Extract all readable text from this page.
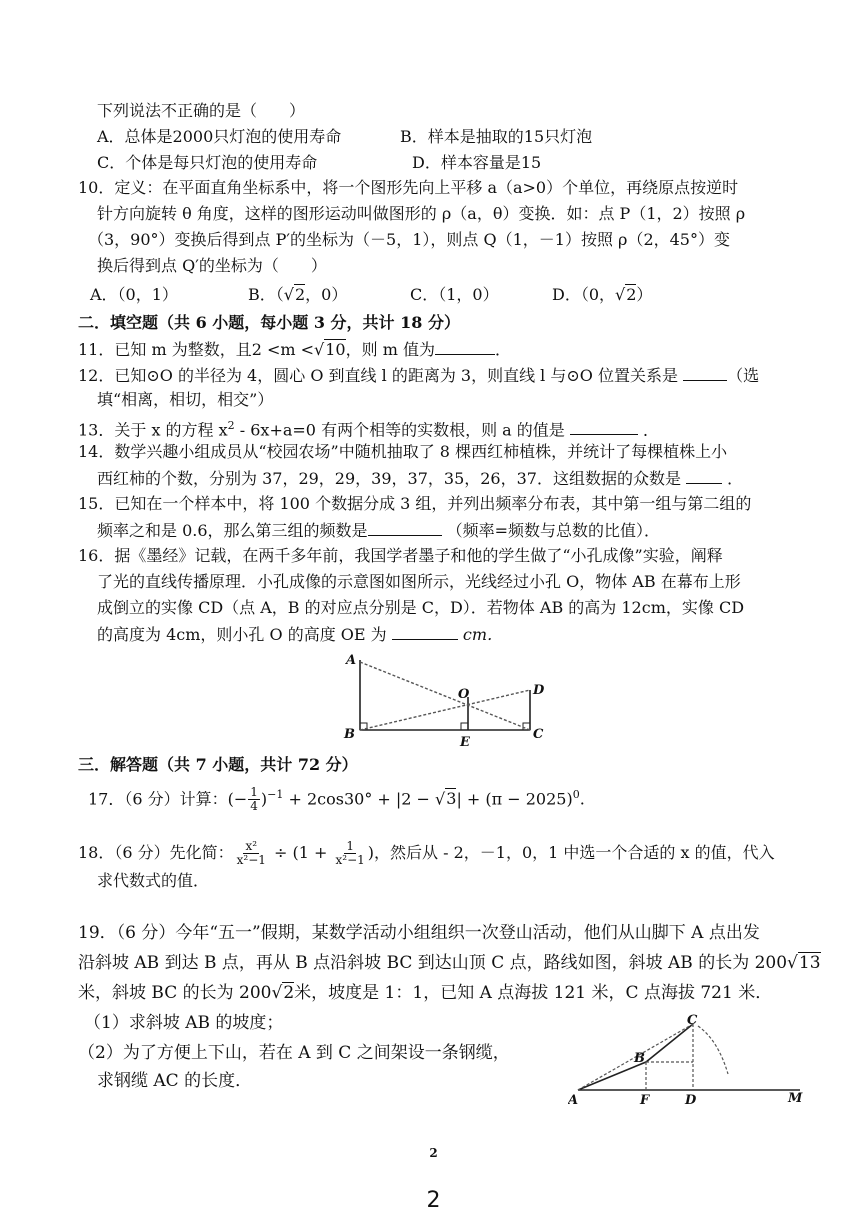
下列说法不正确的是（　　）
A．总体是2000只灯泡的使用寿命	B．样本是抽取的15只灯泡
C．个体是每只灯泡的使用寿命	D．样本容量是15
10．定义：在平面直角坐标系中，将一个图形先向上平移 a（a>0）个单位，再绕原点按逆时
针方向旋转 θ 角度，这样的图形运动叫做图形的 ρ（a，θ）变换．如：点 P（1，2）按照 ρ
（3，90°）变换后得到点 P′的坐标为（－5，1），则点 Q（1，－1）按照 ρ（2，45°）变
换后得到点 Q′的坐标为（　　）
A．（0，1）	B．（√2，0）	C．（1，0）	D．（0，√2）
二．填空题（共 6 小题，每小题 3 分，共计 18 分）
11．已知 m 为整数，且2 <m <√10，则 m 值为	．
12．已知⊙O 的半径为 4，圆心 O 到直线 l 的距离为 3，则直线 l 与⊙O 位置关系是	（选
填“相离，相切，相交”）
13．关于 x 的方程 $x^2 - 6x+a=0$ 有两个相等的实数根，则 a 的值是	．
14．数学兴趣小组成员从“校园农场”中随机抽取了 8 棵西红柿植株，并统计了每棵植株上小
西红柿的个数，分别为 37，29，29，39，37，35，26，37．这组数据的众数是	．
15．已知在一个样本中，将 100 个数据分成 3 组，并列出频率分布表，其中第一组与第二组的
频率之和是 0.6，那么第三组的频数是	（频率=频数与总数的比值）．
16．据《墨经》记载，在两千多年前，我国学者墨子和他的学生做了“小孔成像”实验，阐释
了光的直线传播原理．小孔成像的示意图如图所示，光线经过小孔 O，物体 AB 在幕布上形
成倒立的实像 CD（点 A，B 的对应点分别是 C，D）．若物体 AB 的高为 12cm，实像 CD
的高度为 4cm，则小孔 O 的高度 OE 为	cm．
A
B
O	D
C
E
三．解答题（共 7 小题，共计 72 分）
17．（6 分）计算：(− $\frac{1}{4} )^{-1} + 2\cos 30^\circ + |2 - √3| + (\pi - 2025)^0$.
18．（6 分）先化简： $\frac{\text{x²}}{\text{x²−1}} \div (1 + \frac{1}{\text{x²−1}}$ )，然后从 - 2，－1，0，1 中选一个合适的 x 的值，代入
求代数式的值．
19．（6 分）今年“五一”假期，某数学活动小组组织一次登山活动，他们从山脚下 A 点出发
沿斜坡 AB 到达 B 点，再从 B 点沿斜坡 BC 到达山顶 C 点，路线如图，斜坡 AB 的长为 200√13
米，斜坡 BC 的长为 200√2米，坡度是 1：1，已知 A 点海拔 121 米，C 点海拔 721 米．
（1）求斜坡 AB 的坡度；
（2）为了方便上下山，若在 A 到 C 之间架设一条钢缆，
求钢缆 AC 的长度．
A
B
C
F	D	M
2
2
